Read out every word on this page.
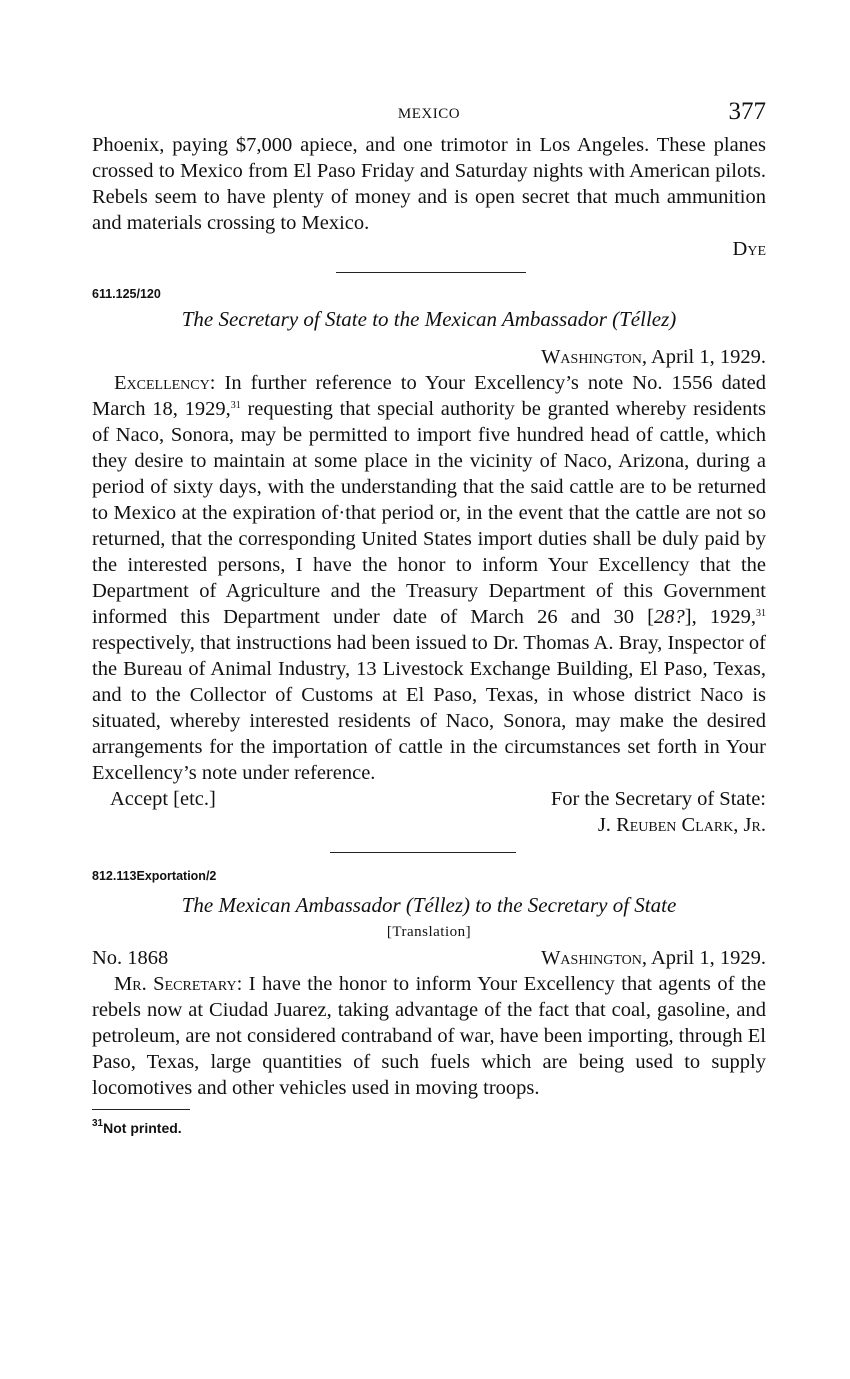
MEXICO	377

Phoenix, paying $7,000 apiece, and one trimotor in Los Angeles. These planes crossed to Mexico from El Paso Friday and Saturday nights with American pilots. Rebels seem to have plenty of money and is open secret that much ammunition and materials crossing to Mexico.

Dye

611.125/120
The Secretary of State to the Mexican Ambassador (Téllez)

Washington, April 1, 1929.

Excellency: In further reference to Your Excellency’s note No. 1556 dated March 18, 1929,31 requesting that special authority be granted whereby residents of Naco, Sonora, may be permitted to import five hundred head of cattle, which they desire to maintain at some place in the vicinity of Naco, Arizona, during a period of sixty days, with the understanding that the said cattle are to be returned to Mexico at the expiration of·that period or, in the event that the cattle are not so returned, that the corresponding United States import duties shall be duly paid by the interested persons, I have the honor to inform Your Excellency that the Department of Agriculture and the Treasury Department of this Government informed this Department under date of March 26 and 30 [28?], 1929,31 respectively, that instructions had been issued to Dr. Thomas A. Bray, Inspector of the Bureau of Animal Industry, 13 Livestock Exchange Building, El Paso, Texas, and to the Collector of Customs at El Paso, Texas, in whose district Naco is situated, whereby interested residents of Naco, Sonora, may make the desired arrangements for the importation of cattle in the circumstances set forth in Your Excellency’s note under reference.

Accept [etc.]	For the Secretary of State:
J. Reuben Clark, Jr.
812.113Exportation/2
The Mexican Ambassador (Téllez) to the Secretary of State
[Translation]
No. 1868	Washington, April 1, 1929.

Mr. Secretary: I have the honor to inform Your Excellency that agents of the rebels now at Ciudad Juarez, taking advantage of the fact that coal, gasoline, and petroleum, are not considered contraband of war, have been importing, through El Paso, Texas, large quantities of such fuels which are being used to supply locomotives and other vehicles used in moving troops.

$^{31}$Not printed.
